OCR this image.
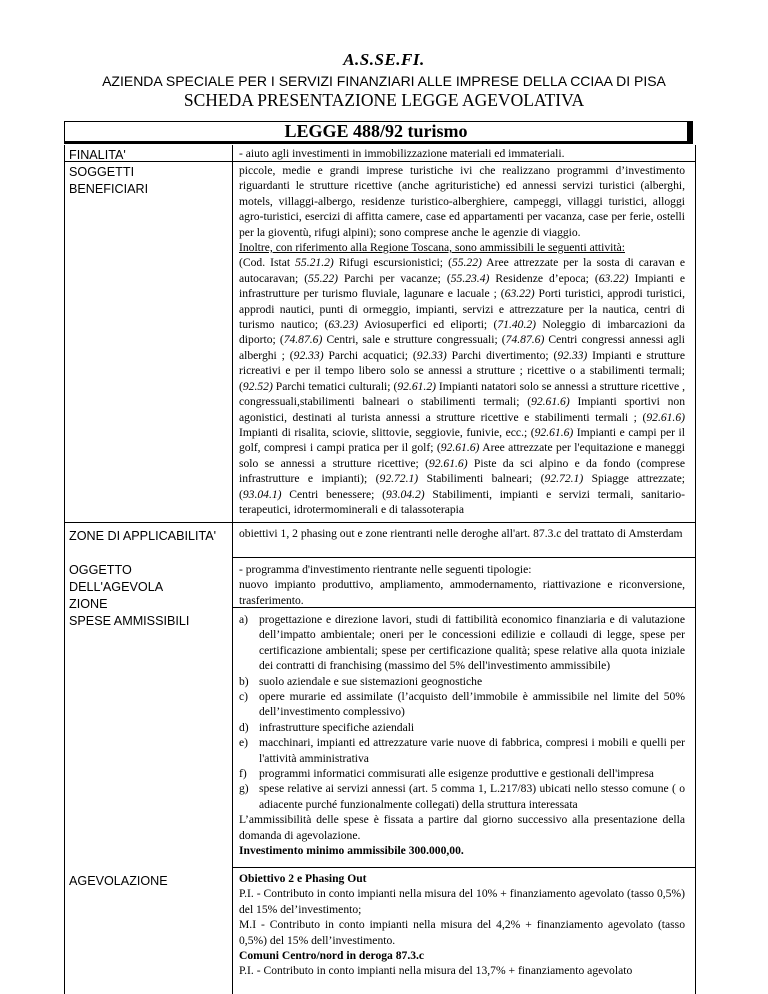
A.S.SE.FI.
AZIENDA SPECIALE PER I SERVIZI FINANZIARI ALLE IMPRESE DELLA CCIAA DI PISA
SCHEDA PRESENTAZIONE LEGGE AGEVOLATIVA
LEGGE 488/92 turismo
FINALITA'
SOGGETTI BENEFICIARI
ZONE DI APPLICABILITA'
OGGETTO DELL'AGEVOLA ZIONE
SPESE AMMISSIBILI
AGEVOLAZIONE
- aiuto agli investimenti in immobilizzazione materiali ed immateriali.

piccole, medie e grandi imprese turistiche ivi che realizzano programmi d’investimento riguardanti le strutture ricettive (anche agrituristiche) ed annessi servizi turistici (alberghi, motels, villaggi-albergo, residenze turistico-alberghiere, campeggi, villaggi turistici, alloggi agro-turistici, esercizi di affitta camere, case ed appartamenti per vacanza, case per ferie, ostelli per la gioventù, rifugi alpini); sono comprese anche le agenzie di viaggio.

Inoltre, con riferimento alla Regione Toscana, sono ammissibili le seguenti attività:

(Cod. Istat 55.21.2) Rifugi escursionistici; (55.22) Aree attrezzate per la sosta di caravan e autocaravan; (55.22) Parchi per vacanze; (55.23.4) Residenze d’epoca; (63.22) Impianti e infrastrutture per turismo fluviale, lagunare e lacuale ; (63.22) Porti turistici, approdi turistici, approdi nautici, punti di ormeggio, impianti, servizi e attrezzature per la nautica, centri di turismo nautico; (63.23) Aviosuperfici ed eliporti; (71.40.2) Noleggio di imbarcazioni da diporto; (74.87.6) Centri, sale e strutture congressuali; (74.87.6) Centri congressi annessi agli alberghi ; (92.33) Parchi acquatici; (92.33) Parchi divertimento; (92.33) Impianti e strutture ricreativi e per il tempo libero solo se annessi a strutture ; ricettive o a stabilimenti termali; (92.52) Parchi tematici culturali; (92.61.2) Impianti natatori solo se annessi a strutture ricettive , congressuali,stabilimenti balneari o stabilimenti termali; (92.61.6) Impianti sportivi non agonistici, destinati al turista annessi a strutture ricettive e stabilimenti termali ; (92.61.6) Impianti di risalita, sciovie, slittovie, seggiovie, funivie, ecc.; (92.61.6) Impianti e campi per il golf, compresi i campi pratica per il golf; (92.61.6) Aree attrezzate per l'equitazione e maneggi solo se annessi a strutture ricettive; (92.61.6) Piste da sci alpino e da fondo (comprese infrastrutture e impianti); (92.72.1) Stabilimenti balneari; (92.72.1) Spiagge attrezzate; (93.04.1) Centri benessere; (93.04.2) Stabilimenti, impianti e servizi termali, sanitario-terapeutici, idrotermominerali e di talassoterapia

obiettivi 1, 2 phasing out e zone rientranti nelle deroghe all'art. 87.3.c del trattato di Amsterdam

- programma d'investimento rientrante nelle seguenti tipologie:

nuovo impianto produttivo, ampliamento, ammodernamento, riattivazione e riconversione, trasferimento.

a) progettazione e direzione lavori, studi di fattibilità economico finanziaria e di valutazione dell’impatto ambientale; oneri per le concessioni edilizie e collaudi di legge, spese per certificazione ambientali; spese per certificazione qualità; spese relative alla quota iniziale dei contratti di franchising (massimo del 5% dell'investimento ammissibile)
b) suolo aziendale e sue sistemazioni geognostiche
c) opere murarie ed assimilate (l’acquisto dell’immobile è ammissibile nel limite del 50% dell’investimento complessivo)
d) infrastrutture specifiche aziendali
e) macchinari, impianti ed attrezzature varie nuove di fabbrica, compresi i mobili e quelli per l'attività amministrativa
f) programmi informatici commisurati alle esigenze produttive e gestionali dell'impresa
g) spese relative ai servizi annessi (art. 5 comma 1, L.217/83) ubicati nello stesso comune ( o adiacente purché funzionalmente collegati) della struttura interessata

L’ammissibilità delle spese è fissata a partire dal giorno successivo alla presentazione della domanda di agevolazione.

Investimento minimo ammissibile 300.000,00.

Obiettivo 2 e Phasing Out

P.I. - Contributo in conto impianti nella misura del 10% + finanziamento agevolato (tasso 0,5%) del 15% del’investimento;

M.I - Contributo in conto impianti nella misura del 4,2% + finanziamento agevolato (tasso 0,5%) del 15% dell’investimento.

Comuni Centro/nord in deroga 87.3.c

P.I. - Contributo in conto impianti nella misura del 13,7% + finanziamento agevolato
